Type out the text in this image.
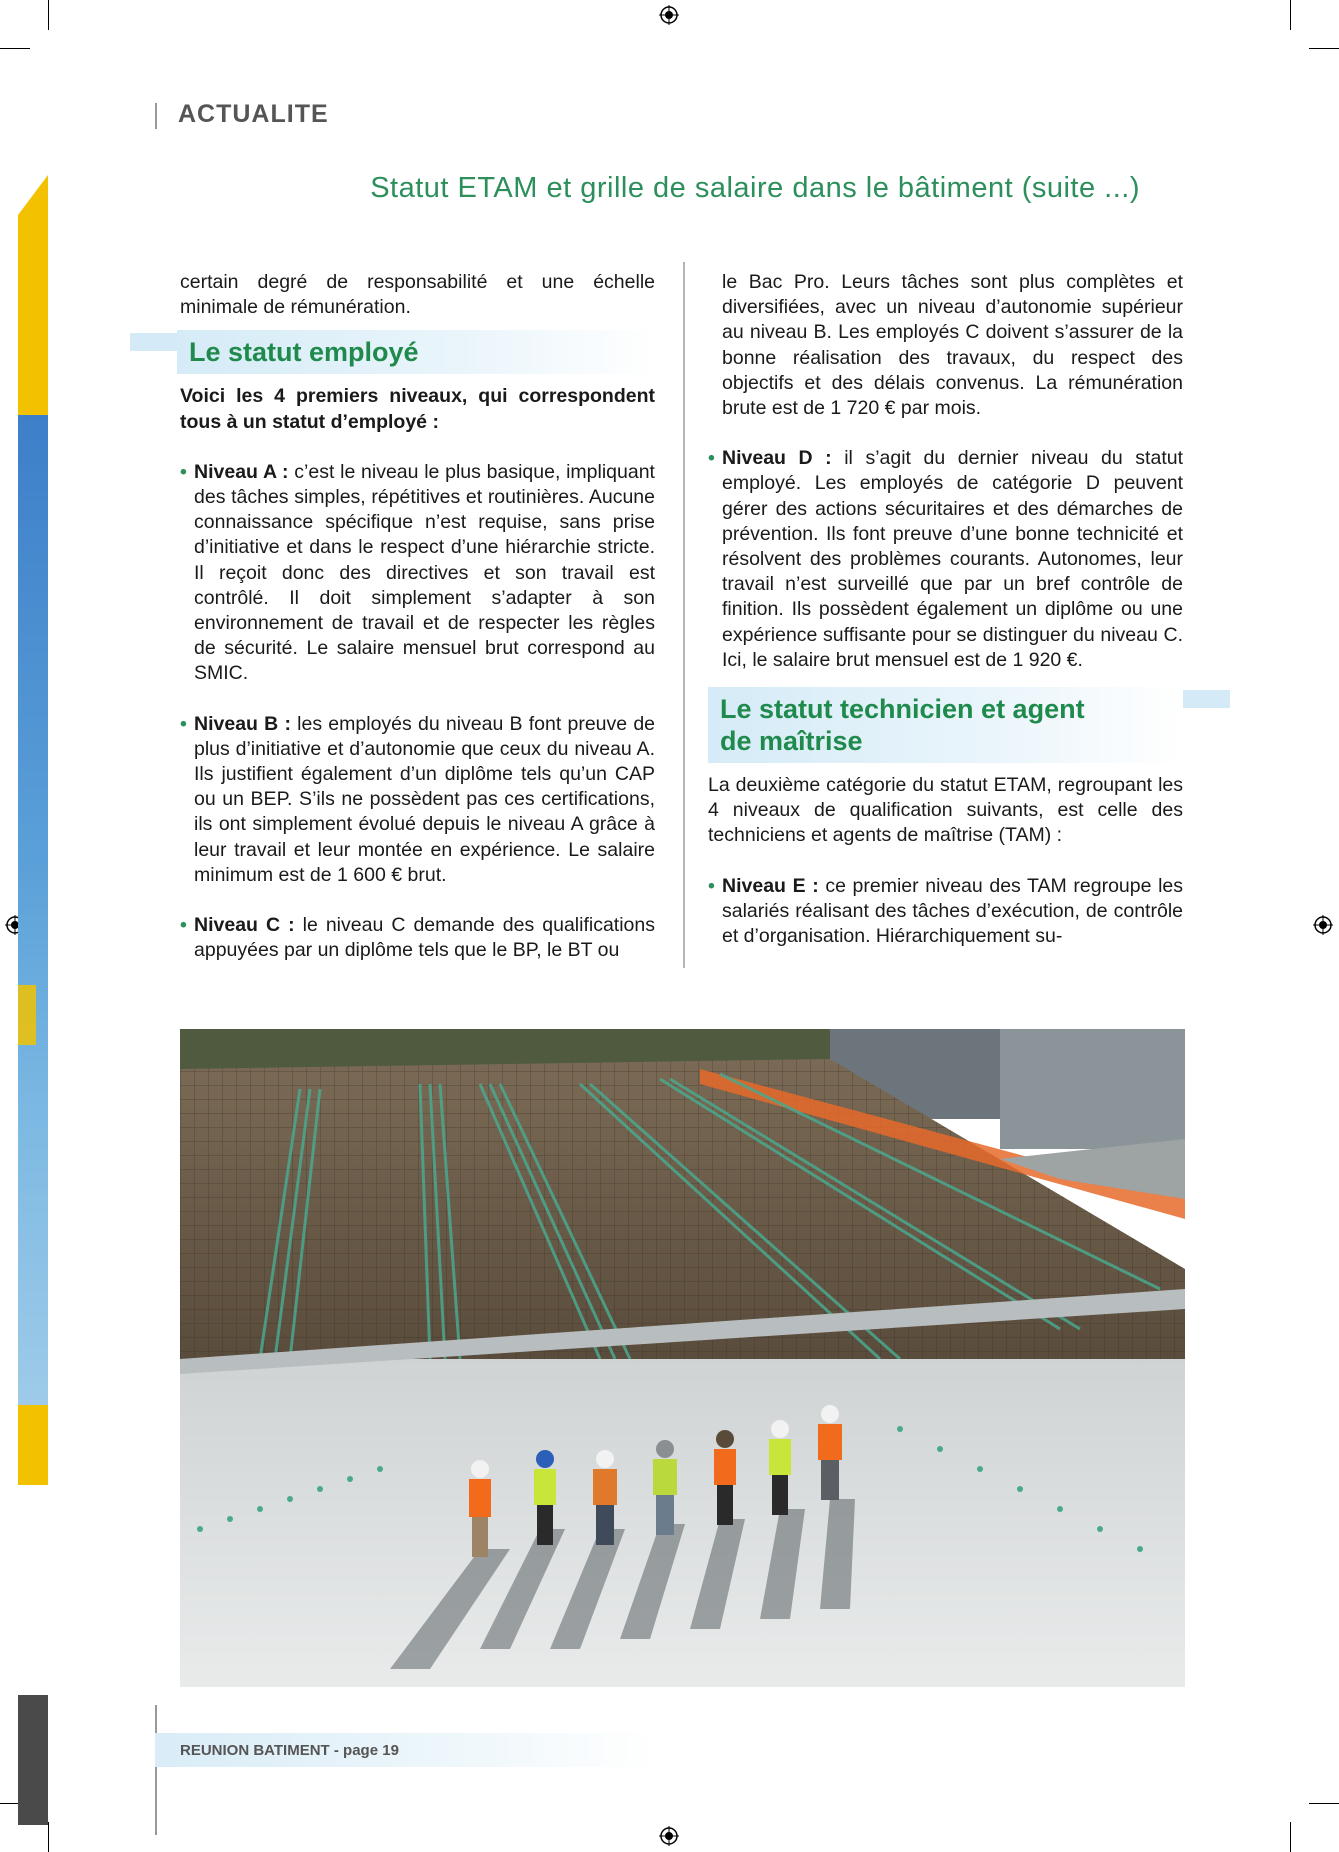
ACTUALITE
Statut ETAM et grille de salaire dans le bâtiment (suite ...)

certain degré de responsabilité et une échelle minimale de rémunération.

Le statut employé

Voici les 4 premiers niveaux, qui correspondent tous à un statut d’employé :

• Niveau A : c’est le niveau le plus basique, impliquant des tâches simples, répétitives et routinières. Aucune connaissance spécifique n’est requise, sans prise d’initiative et dans le respect d’une hiérarchie stricte. Il reçoit donc des directives et son travail est contrôlé. Il doit simplement s’adapter à son environnement de travail et de respecter les règles de sécurité. Le salaire mensuel brut correspond au SMIC.

• Niveau B : les employés du niveau B font preuve de plus d’initiative et d’autonomie que ceux du niveau A. Ils justifient également d’un diplôme tels qu’un CAP ou un BEP. S’ils ne possèdent pas ces certifications, ils ont simplement évolué depuis le niveau A grâce à leur travail et leur montée en expérience. Le salaire minimum est de 1 600 € brut.

• Niveau C : le niveau C demande des qualifications appuyées par un diplôme tels que le BP, le BT ou

le Bac Pro. Leurs tâches sont plus complètes et diversifiées, avec un niveau d’autonomie supérieur au niveau B. Les employés C doivent s’assurer de la bonne réalisation des travaux, du respect des objectifs et des délais convenus. La rémunération brute est de 1 720 € par mois.

• Niveau D : il s’agit du dernier niveau du statut employé. Les employés de catégorie D peuvent gérer des actions sécuritaires et des démarches de prévention. Ils font preuve d’une bonne technicité et résolvent des problèmes courants. Autonomes, leur travail n’est surveillé que par un bref contrôle de finition. Ils possèdent également un diplôme ou une expérience suffisante pour se distinguer du niveau C. Ici, le salaire brut mensuel est de 1 920 €.

Le statut technicien et agent
de maîtrise

La deuxième catégorie du statut ETAM, regroupant les 4 niveaux de qualification suivants, est celle des techniciens et agents de maîtrise (TAM) :

• Niveau E : ce premier niveau des TAM regroupe les salariés réalisant des tâches d’exécution, de contrôle et d’organisation. Hiérarchiquement su-

REUNION BATIMENT - page 19
